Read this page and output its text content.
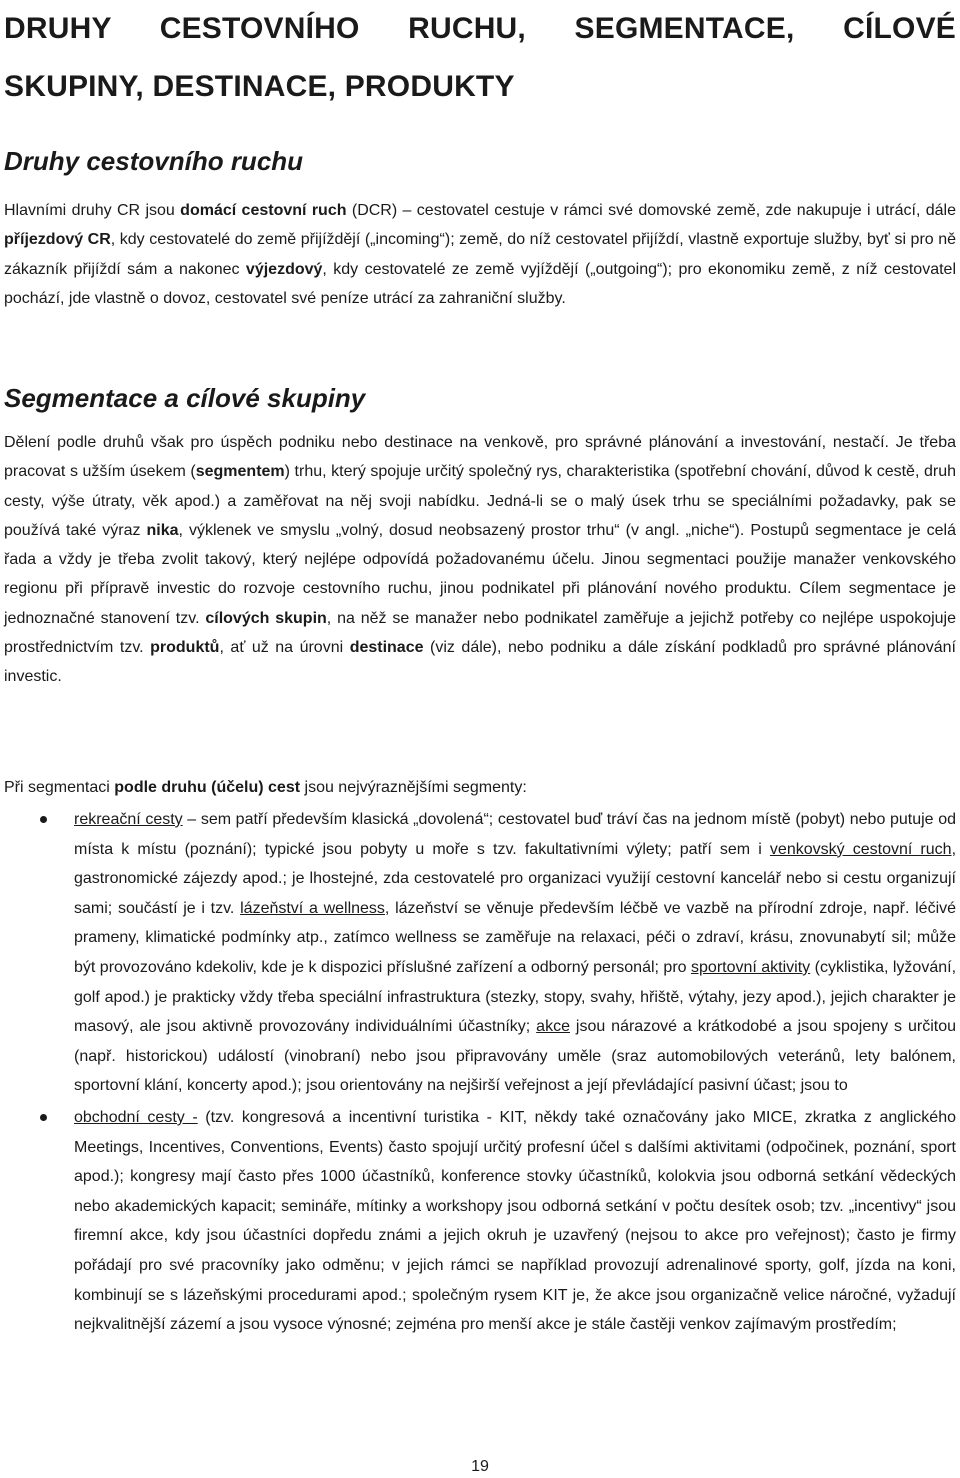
DRUHY CESTOVNÍHO RUCHU, SEGMENTACE, CÍLOVÉ
SKUPINY, DESTINACE, PRODUKTY
Druhy cestovního ruchu

Hlavními druhy CR jsou domácí cestovní ruch (DCR) – cestovatel cestuje v rámci své domovské země, zde nakupuje i utrácí, dále příjezdový CR, kdy cestovatelé do země přijíždějí („incoming“); země, do níž cestovatel přijíždí, vlastně exportuje služby, byť si pro ně zákazník přijíždí sám a nakonec výjezdový, kdy cestovatelé ze země vyjíždějí („outgoing“); pro ekonomiku země, z níž cestovatel pochází, jde vlastně o dovoz, cestovatel své peníze utrácí za zahraniční služby.

Segmentace a cílové skupiny

Dělení podle druhů však pro úspěch podniku nebo destinace na venkově, pro správné plánování a investování, nestačí. Je třeba pracovat s užším úsekem (segmentem) trhu, který spojuje určitý společný rys, charakteristika (spotřební chování, důvod k cestě, druh cesty, výše útraty, věk apod.) a zaměřovat na něj svoji nabídku. Jedná-li se o malý úsek trhu se speciálními požadavky, pak se používá také výraz nika, výklenek ve smyslu „volný, dosud neobsazený prostor trhu“ (v angl. „niche“). Postupů segmentace je celá řada a vždy je třeba zvolit takový, který nejlépe odpovídá požadovanému účelu. Jinou segmentaci použije manažer venkovského regionu při přípravě investic do rozvoje cestovního ruchu, jinou podnikatel při plánování nového produktu. Cílem segmentace je jednoznačné stanovení tzv. cílových skupin, na něž se manažer nebo podnikatel zaměřuje a jejichž potřeby co nejlépe uspokojuje prostřednictvím tzv. produktů, ať už na úrovni destinace (viz dále), nebo podniku a dále získání podkladů pro správné plánování investic.

Při segmentaci podle druhu (účelu) cest jsou nejvýraznějšími segmenty:

rekreační cesty – sem patří především klasická „dovolená“; cestovatel buď tráví čas na jednom místě (pobyt) nebo putuje od místa k místu (poznání); typické jsou pobyty u moře s tzv. fakultativními výlety; patří sem i venkovský cestovní ruch, gastronomické zájezdy apod.; je lhostejné, zda cestovatelé pro organizaci využijí cestovní kancelář nebo si cestu organizují sami; součástí je i tzv. lázeňství a wellness, lázeňství se věnuje především léčbě ve vazbě na přírodní zdroje, např. léčivé prameny, klimatické podmínky atp., zatímco wellness se zaměřuje na relaxaci, péči o zdraví, krásu, znovunabytí sil; může být provozováno kdekoliv, kde je k dispozici příslušné zařízení a odborný personál; pro sportovní aktivity (cyklistika, lyžování, golf apod.) je prakticky vždy třeba speciální infrastruktura (stezky, stopy, svahy, hřiště, výtahy, jezy apod.), jejich charakter je masový, ale jsou aktivně provozovány individuálními účastníky; akce jsou nárazové a krátkodobé a jsou spojeny s určitou (např. historickou) událostí (vinobraní) nebo jsou připravovány uměle (sraz automobilových veteránů, lety balónem, sportovní klání, koncerty apod.); jsou orientovány na nejširší veřejnost a její převládající pasivní účast; jsou to
obchodní cesty - (tzv. kongresová a incentivní turistika - KIT, někdy také označovány jako MICE, zkratka z anglického Meetings, Incentives, Conventions, Events) často spojují určitý profesní účel s dalšími aktivitami (odpočinek, poznání, sport apod.); kongresy mají často přes 1000 účastníků, konference stovky účastníků, kolokvia jsou odborná setkání vědeckých nebo akademických kapacit; semináře, mítinky a workshopy jsou odborná setkání v počtu desítek osob; tzv. „incentivy“ jsou firemní akce, kdy jsou účastníci dopředu známi a jejich okruh je uzavřený (nejsou to akce pro veřejnost); často je firmy pořádají pro své pracovníky jako odměnu; v jejich rámci se například provozují adrenalinové sporty, golf, jízda na koni, kombinují se s lázeňskými procedurami apod.; společným rysem KIT je, že akce jsou organizačně velice náročné, vyžadují nejkvalitnější zázemí a jsou vysoce výnosné; zejména pro menší akce je stále častěji venkov zajímavým prostředím;
19
